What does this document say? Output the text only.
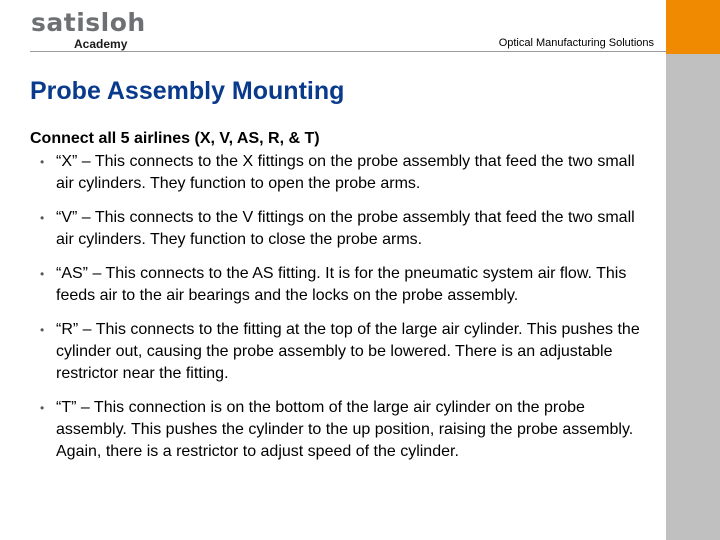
satisloh
Academy	Optical Manufacturing Solutions
Probe Assembly Mounting

Connect all 5 airlines (X, V, AS, R, & T)

• “X” – This connects to the X fittings on the probe assembly that feed the two small air cylinders. They function to open the probe arms.
• “V” – This connects to the V fittings on the probe assembly that feed the two small air cylinders. They function to close the probe arms.
• “AS” – This connects to the AS fitting. It is for the pneumatic system air flow. This feeds air to the air bearings and the locks on the probe assembly.
• “R” – This connects to the fitting at the top of the large air cylinder. This pushes the cylinder out, causing the probe assembly to be lowered. There is an adjustable restrictor near the fitting.
• “T” – This connection is on the bottom of the large air cylinder on the probe assembly. This pushes the cylinder to the up position, raising the probe assembly. Again, there is a restrictor to adjust speed of the cylinder.
